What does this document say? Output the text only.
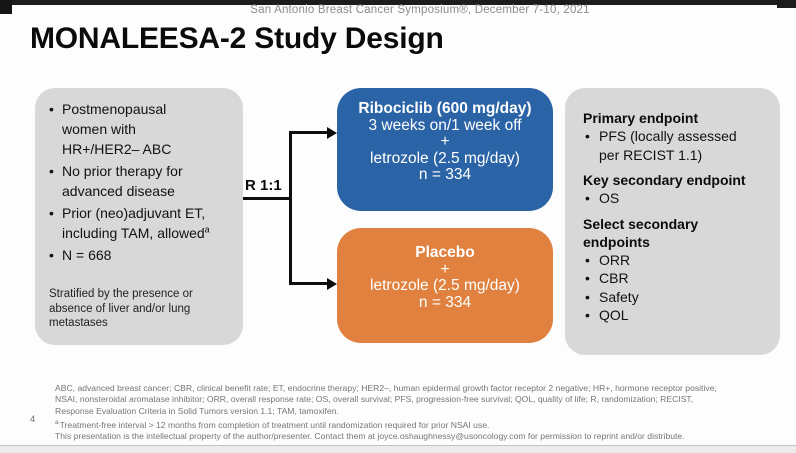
San Antonio Breast Cancer Symposium®, December 7-10, 2021
MONALEESA-2 Study Design
• Postmenopausal women with HR+/HER2– ABC
• No prior therapy for advanced disease
• Prior (neo)adjuvant ET, including TAM, allowed$^a$
• N = 668
Stratified by the presence or absence of liver and/or lung metastases
R 1:1
Ribociclib (600 mg/day)
3 weeks on/1 week off
+
letrozole (2.5 mg/day)
n = 334
Placebo
+
letrozole (2.5 mg/day)
n = 334
Primary endpoint
• PFS (locally assessed per RECIST 1.1)
Key secondary endpoint
• OS
Select secondary endpoints
• ORR
• CBR
• Safety
• QOL
4
ABC, advanced breast cancer; CBR, clinical benefit rate; ET, endocrine therapy; HER2–, human epidermal growth factor receptor 2 negative; HR+, hormone receptor positive;
NSAI, nonsteroidal aromatase inhibitor; ORR, overall response rate; OS, overall survival; PFS, progression-free survival; QOL, quality of life; R, randomization; RECIST,
Response Evaluation Criteria in Solid Tumors version 1.1; TAM, tamoxifen.
$^a$Treatment-free interval > 12 months from completion of treatment until randomization required for prior NSAI use.
This presentation is the intellectual property of the author/presenter. Contact them at joyce.oshaughnessy@usoncology.com for permission to reprint and/or distribute.
